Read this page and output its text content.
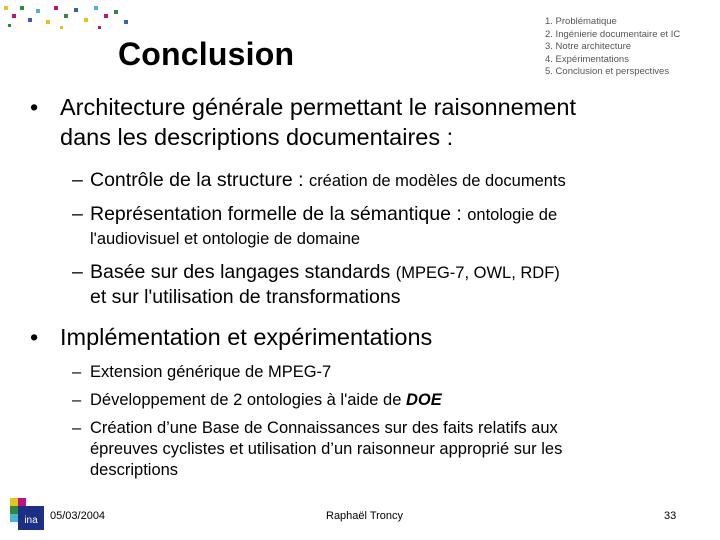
Conclusion
1. Problématique
2. Ingénierie documentaire et IC
3. Notre architecture
4. Expérimentations
5. Conclusion et perspectives
• Architecture générale permettant le raisonnement
dans les descriptions documentaires :
– Contrôle de la structure : création de modèles de documents
– Représentation formelle de la sémantique : ontologie de
l'audiovisuel et ontologie de domaine
– Basée sur des langages standards (MPEG-7, OWL, RDF)
et sur l'utilisation de transformations
• Implémentation et expérimentations
– Extension générique de MPEG-7
– Développement de 2 ontologies à l'aide de DOE
– Création d’une Base de Connaissances sur des faits relatifs aux
épreuves cyclistes et utilisation d’un raisonneur approprié sur les
descriptions
ina 05/03/2004	Raphaël Troncy	33
